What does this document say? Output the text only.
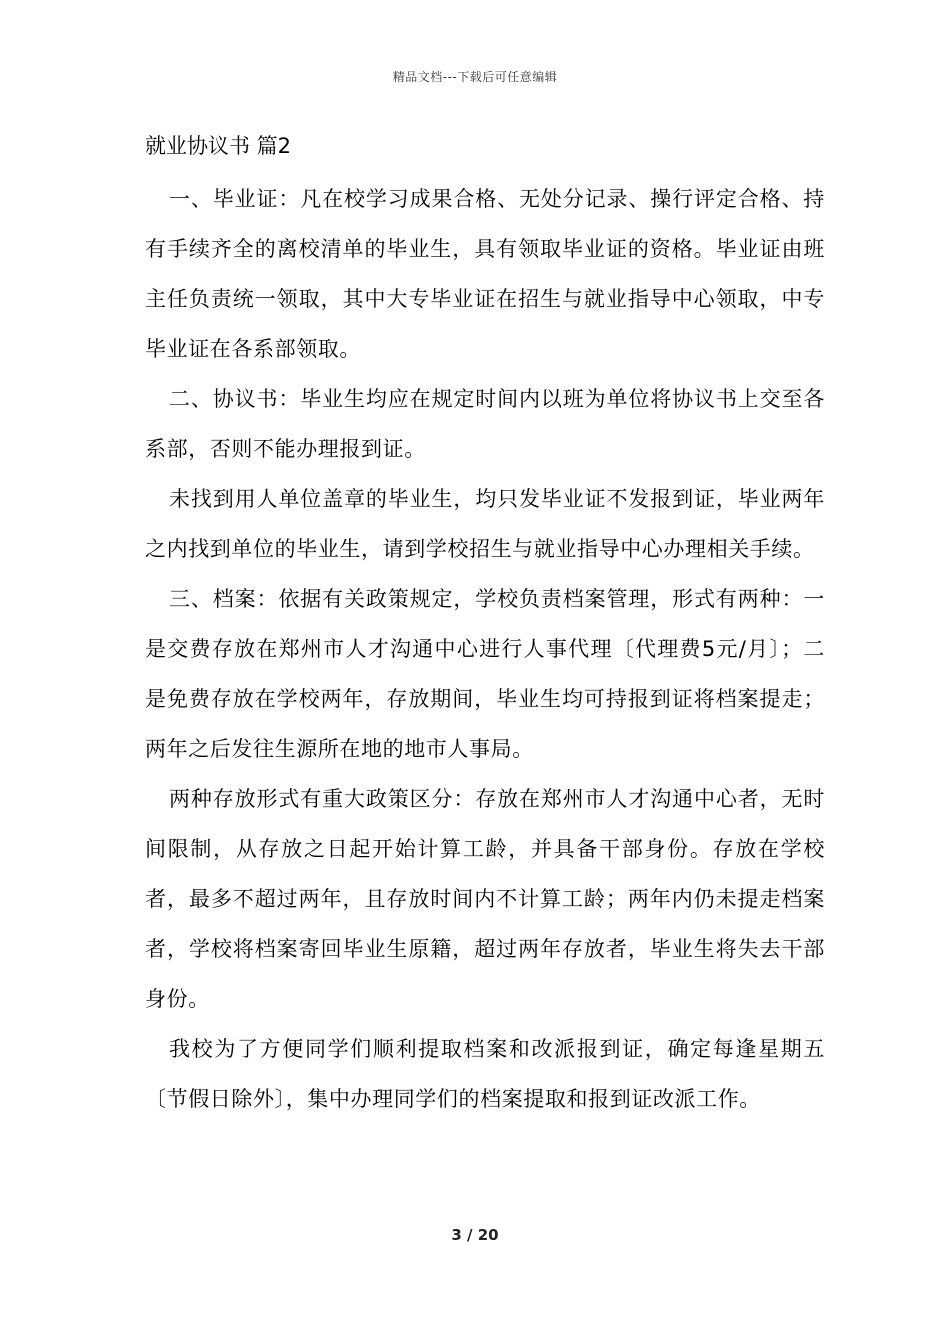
精品文档---下载后可任意编辑
就业协议书 篇2

一、毕业证：凡在校学习成果合格、无处分记录、操行评定合格、持有手续齐全的离校清单的毕业生，具有领取毕业证的资格。毕业证由班主任负责统一领取，其中大专毕业证在招生与就业指导中心领取，中专毕业证在各系部领取。

二、协议书：毕业生均应在规定时间内以班为单位将协议书上交至各系部，否则不能办理报到证。

未找到用人单位盖章的毕业生，均只发毕业证不发报到证，毕业两年之内找到单位的毕业生，请到学校招生与就业指导中心办理相关手续。

三、档案：依据有关政策规定，学校负责档案管理，形式有两种：一是交费存放在郑州市人才沟通中心进行人事代理〔代理费5元/月〕；二是免费存放在学校两年，存放期间，毕业生均可持报到证将档案提走；两年之后发往生源所在地的地市人事局。

两种存放形式有重大政策区分：存放在郑州市人才沟通中心者，无时间限制，从存放之日起开始计算工龄，并具备干部身份。存放在学校者，最多不超过两年，且存放时间内不计算工龄；两年内仍未提走档案者，学校将档案寄回毕业生原籍，超过两年存放者，毕业生将失去干部身份。

我校为了方便同学们顺利提取档案和改派报到证，确定每逢星期五〔节假日除外〕，集中办理同学们的档案提取和报到证改派工作。

3 / 20
